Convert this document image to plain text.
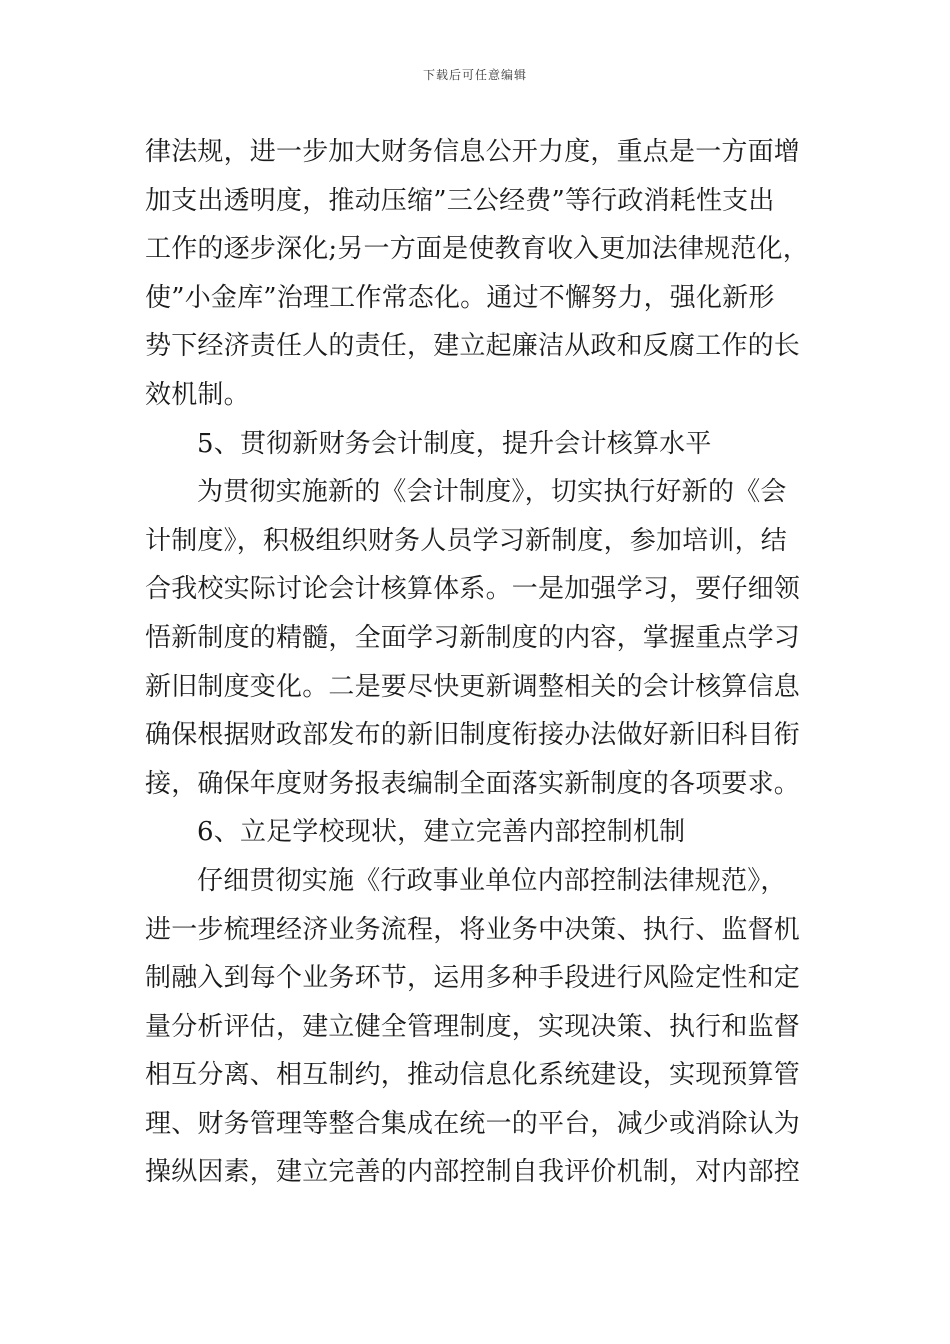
下载后可任意编辑
律法规，进一步加大财务信息公开力度，重点是一方面增
加支出透明度，推动压缩”三公经费”等行政消耗性支出
工作的逐步深化;另一方面是使教育收入更加法律规范化，
使”小金库”治理工作常态化。通过不懈努力，强化新形
势下经济责任人的责任，建立起廉洁从政和反腐工作的长
效机制。
5、贯彻新财务会计制度，提升会计核算水平
为贯彻实施新的《会计制度》，切实执行好新的《会
计制度》，积极组织财务人员学习新制度，参加培训，结
合我校实际讨论会计核算体系。一是加强学习，要仔细领
悟新制度的精髓，全面学习新制度的内容，掌握重点学习
新旧制度变化。二是要尽快更新调整相关的会计核算信息
确保根据财政部发布的新旧制度衔接办法做好新旧科目衔
接，确保年度财务报表编制全面落实新制度的各项要求。
6、立足学校现状，建立完善内部控制机制
仔细贯彻实施《行政事业单位内部控制法律规范》，
进一步梳理经济业务流程，将业务中决策、执行、监督机
制融入到每个业务环节，运用多种手段进行风险定性和定
量分析评估，建立健全管理制度，实现决策、执行和监督
相互分离、相互制约，推动信息化系统建设，实现预算管
理、财务管理等整合集成在统一的平台，减少或消除认为
操纵因素，建立完善的内部控制自我评价机制，对内部控
